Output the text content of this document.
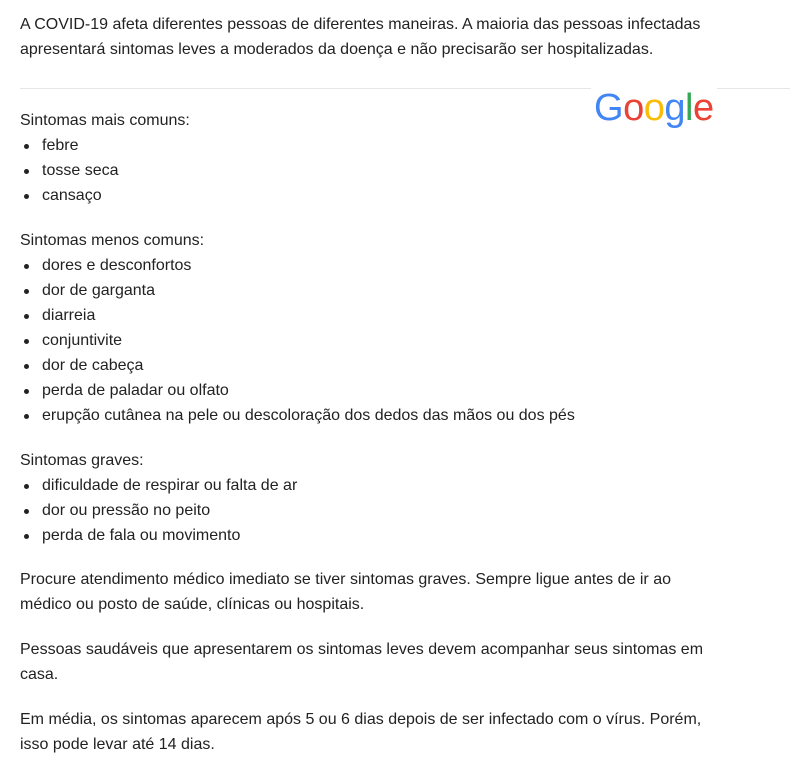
A COVID-19 afeta diferentes pessoas de diferentes maneiras. A maioria das pessoas infectadas

apresentará sintomas leves a moderados da doença e não precisarão ser hospitalizadas.

Google
Sintomas mais comuns:
febre
tosse seca
cansaço
Sintomas menos comuns:
dores e desconfortos
dor de garganta
diarreia
conjuntivite
dor de cabeça
perda de paladar ou olfato
erupção cutânea na pele ou descoloração dos dedos das mãos ou dos pés
Sintomas graves:
dificuldade de respirar ou falta de ar
dor ou pressão no peito
perda de fala ou movimento

Procure atendimento médico imediato se tiver sintomas graves. Sempre ligue antes de ir ao
médico ou posto de saúde, clínicas ou hospitais.

Pessoas saudáveis que apresentarem os sintomas leves devem acompanhar seus sintomas em
casa.

Em média, os sintomas aparecem após 5 ou 6 dias depois de ser infectado com o vírus. Porém,
isso pode levar até 14 dias.
